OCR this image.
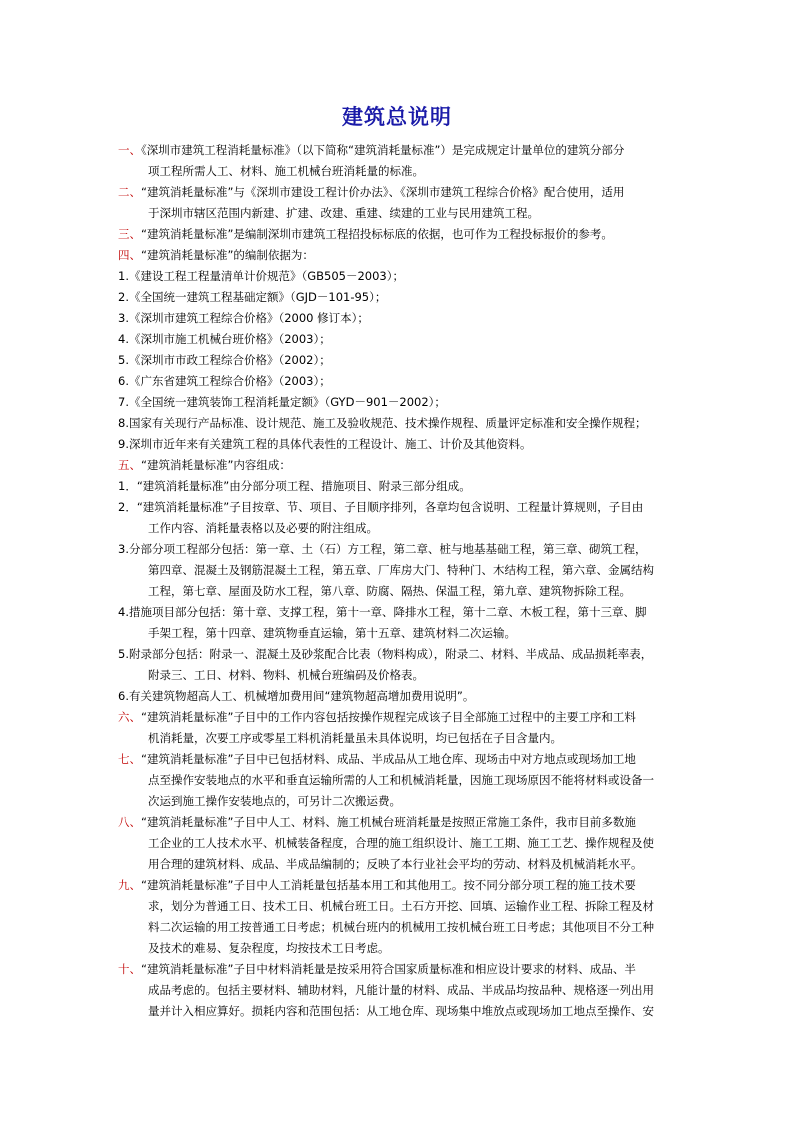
建筑总说明
一、《深圳市建筑工程消耗量标准》（以下简称“建筑消耗量标准”）是完成规定计量单位的建筑分部分
项工程所需人工、材料、施工机械台班消耗量的标准。
二、“建筑消耗量标准”与《深圳市建设工程计价办法》、《深圳市建筑工程综合价格》配合使用，适用
于深圳市辖区范围内新建、扩建、改建、重建、续建的工业与民用建筑工程。
三、“建筑消耗量标准”是编制深圳市建筑工程招投标标底的依据，也可作为工程投标报价的参考。
四、“建筑消耗量标准”的编制依据为：
1.《建设工程工程量清单计价规范》（GB505－2003）；
2.《全国统一建筑工程基础定额》（GJD－101-95）；
3.《深圳市建筑工程综合价格》（2000 修订本）；
4.《深圳市施工机械台班价格》（2003）；
5.《深圳市市政工程综合价格》（2002）；
6.《广东省建筑工程综合价格》（2003）；
7.《全国统一建筑装饰工程消耗量定额》（GYD－901－2002）；
8.国家有关现行产品标准、设计规范、施工及验收规范、技术操作规程、质量评定标准和安全操作规程；
9.深圳市近年来有关建筑工程的具体代表性的工程设计、施工、计价及其他资料。
五、“建筑消耗量标准”内容组成：
1．“建筑消耗量标准”由分部分项工程、措施项目、附录三部分组成。
2．“建筑消耗量标准”子目按章、节、项目、子目顺序排列，各章均包含说明、工程量计算规则，子目由
工作内容、消耗量表格以及必要的附注组成。
3.分部分项工程部分包括：第一章、土（石）方工程，第二章、桩与地基基础工程，第三章、砌筑工程，
第四章、混凝土及钢筋混凝土工程，第五章、厂库房大门、特种门、木结构工程，第六章、金属结构
工程，第七章、屋面及防水工程，第八章、防腐、隔热、保温工程，第九章、建筑物拆除工程。
4.措施项目部分包括：第十章、支撑工程，第十一章、降排水工程，第十二章、木板工程，第十三章、脚
手架工程，第十四章、建筑物垂直运输，第十五章、建筑材料二次运输。
5.附录部分包括：附录一、混凝土及砂浆配合比表（物料构成），附录二、材料、半成品、成品损耗率表，
附录三、工日、材料、物料、机械台班编码及价格表。
6.有关建筑物超高人工、机械增加费用间“建筑物超高增加费用说明”。
六、“建筑消耗量标准”子目中的工作内容包括按操作规程完成该子目全部施工过程中的主要工序和工料
机消耗量，次要工序或零星工料机消耗量虽未具体说明，均已包括在子目含量内。
七、“建筑消耗量标准”子目中已包括材料、成品、半成品从工地仓库、现场击中对方地点或现场加工地
点至操作安装地点的水平和垂直运输所需的人工和机械消耗量，因施工现场原因不能将材料或设备一
次运到施工操作安装地点的，可另计二次搬运费。
八、“建筑消耗量标准”子目中人工、材料、施工机械台班消耗量是按照正常施工条件，我市目前多数施
工企业的工人技术水平、机械装备程度，合理的施工组织设计、施工工期、施工工艺、操作规程及使
用合理的建筑材料、成品、半成品编制的；反映了本行业社会平均的劳动、材料及机械消耗水平。
九、“建筑消耗量标准”子目中人工消耗量包括基本用工和其他用工。按不同分部分项工程的施工技术要
求，划分为普通工日、技术工日、机械台班工日。土石方开挖、回填、运输作业工程、拆除工程及材
料二次运输的用工按普通工日考虑；机械台班内的机械用工按机械台班工日考虑；其他项目不分工种
及技术的难易、复杂程度，均按技术工日考虑。
十、“建筑消耗量标准”子目中材料消耗量是按采用符合国家质量标准和相应设计要求的材料、成品、半
成品考虑的。包括主要材料、辅助材料，凡能计量的材料、成品、半成品均按品种、规格逐一列出用
量并计入相应算好。损耗内容和范围包括：从工地仓库、现场集中堆放点或现场加工地点至操作、安
